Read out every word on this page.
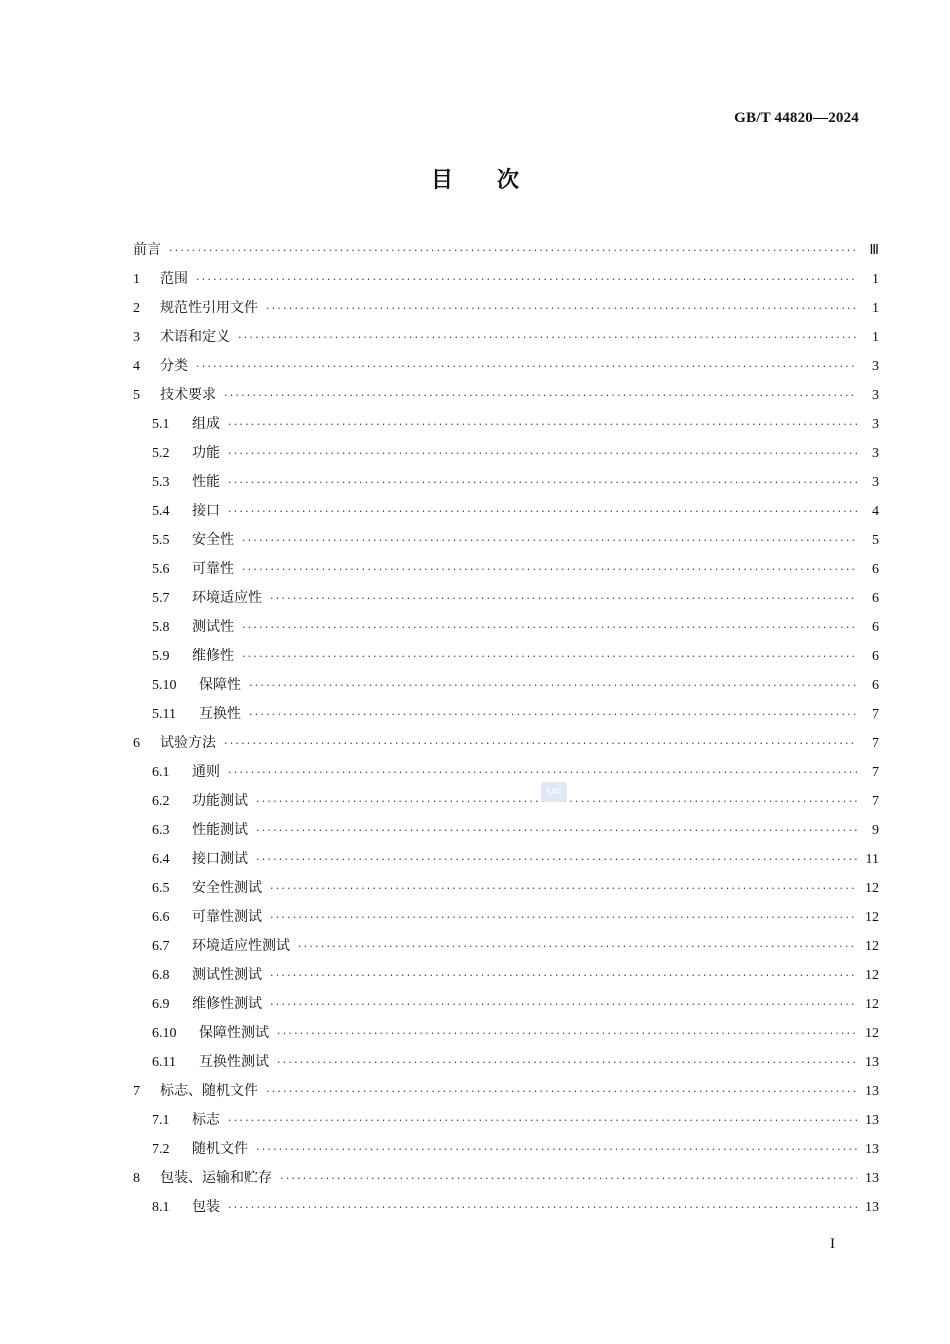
GB/T 44820—2024
目　　次
前言 ·····	Ⅲ
1	范围 ·····	1
2	规范性引用文件 ·····	1
3	术语和定义 ·····	1
4	分类 ·····	3
5	技术要求 ·····	3
5.1	组成 ·····	3
5.2	功能 ·····	3
5.3	性能 ·····	3
5.4	接口 ·····	4
5.5	安全性 ·····	5
5.6	可靠性 ·····	6
5.7	环境适应性 ·····	6
5.8	测试性 ·····	6
5.9	维修性 ·····	6
5.10	保障性 ·····	6
5.11	互换性 ·····	7
6	试验方法 ·····	7
6.1	通则 ·····	7
6.2	功能测试 ·····	7
6.3	性能测试 ·····	9
6.4	接口测试 ·····	11
6.5	安全性测试 ·····	12
6.6	可靠性测试 ·····	12
6.7	环境适应性测试 ·····	12
6.8	测试性测试 ·····	12
6.9	维修性测试 ·····	12
6.10	保障性测试 ·····	12
6.11	互换性测试 ·····	13
7	标志、随机文件 ·····	13
7.1	标志 ·····	13
7.2	随机文件 ·····	13
8	包装、运输和贮存 ·····	13
8.1	包装 ·····	13
SAC
I
